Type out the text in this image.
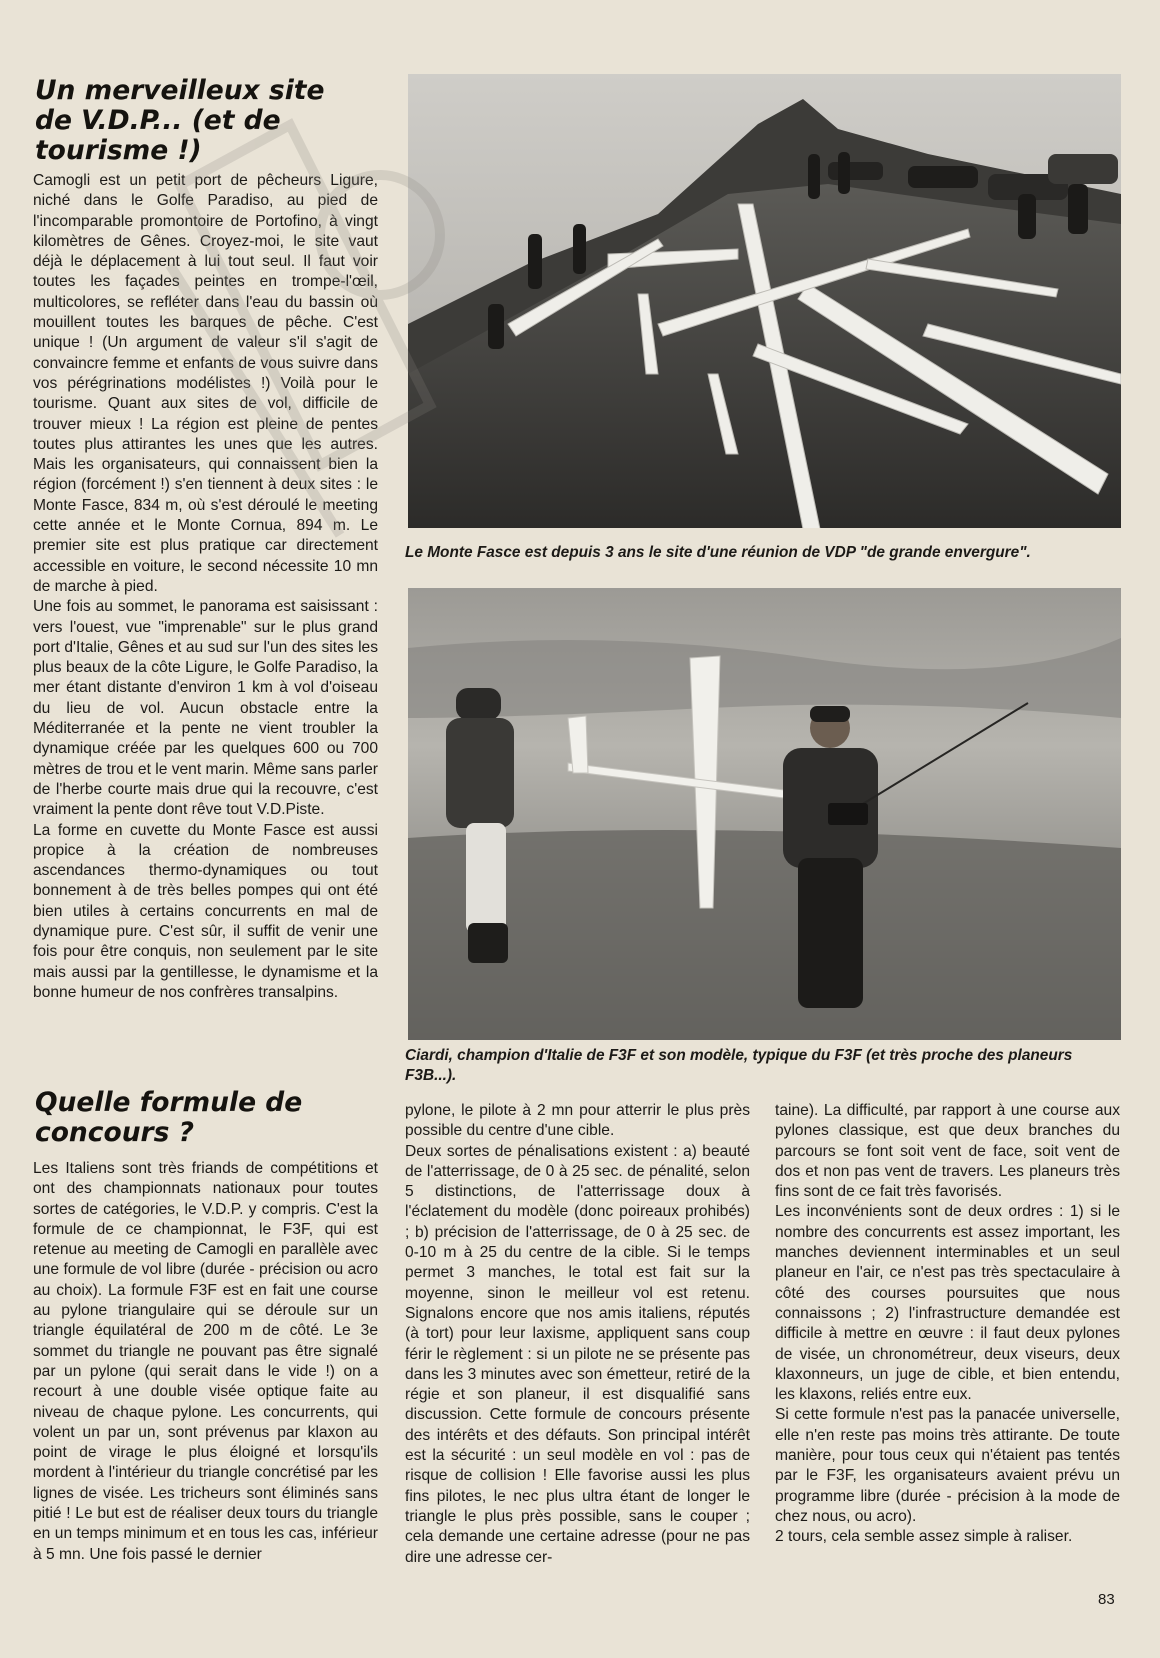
Un merveilleux site de V.D.P... (et de tourisme !)

Camogli est un petit port de pêcheurs Ligure, niché dans le Golfe Paradiso, au pied de l'incomparable promontoire de Portofino, à vingt kilomètres de Gênes. Croyez-moi, le site vaut déjà le déplacement à lui tout seul. Il faut voir toutes les façades peintes en trompe-l'œil, multicolores, se refléter dans l'eau du bassin où mouillent toutes les barques de pêche. C'est unique ! (Un argument de valeur s'il s'agit de convaincre femme et enfants de vous suivre dans vos pérégrinations modélistes !) Voilà pour le tourisme. Quant aux sites de vol, difficile de trouver mieux ! La région est pleine de pentes toutes plus attirantes les unes que les autres. Mais les organisateurs, qui connaissent bien la région (forcément !) s'en tiennent à deux sites : le Monte Fasce, 834 m, où s'est déroulé le meeting cette année et le Monte Cornua, 894 m. Le premier site est plus pratique car directement accessible en voiture, le second nécessite 10 mn de marche à pied.
Une fois au sommet, le panorama est saisissant : vers l'ouest, vue "imprenable" sur le plus grand port d'Italie, Gênes et au sud sur l'un des sites les plus beaux de la côte Ligure, le Golfe Paradiso, la mer étant distante d'environ 1 km à vol d'oiseau du lieu de vol. Aucun obstacle entre la Méditerranée et la pente ne vient troubler la dynamique créée par les quelques 600 ou 700 mètres de trou et le vent marin. Même sans parler de l'herbe courte mais drue qui la recouvre, c'est vraiment la pente dont rêve tout V.D.Piste.
La forme en cuvette du Monte Fasce est aussi propice à la création de nombreuses ascendances thermo-dynamiques ou tout bonnement à de très belles pompes qui ont été bien utiles à certains concurrents en mal de dynamique pure. C'est sûr, il suffit de venir une fois pour être conquis, non seulement par le site mais aussi par la gentillesse, le dynamisme et la bonne humeur de nos confrères transalpins.

Le Monte Fasce est depuis 3 ans le site d'une réunion de VDP "de grande envergure".

Ciardi, champion d'Italie de F3F et son modèle, typique du F3F (et très proche des planeurs F3B...).

Quelle formule de concours ?

Les Italiens sont très friands de compétitions et ont des championnats nationaux pour toutes sortes de catégories, le V.D.P. y compris. C'est la formule de ce championnat, le F3F, qui est retenue au meeting de Camogli en parallèle avec une formule de vol libre (durée - précision ou acro au choix). La formule F3F est en fait une course au pylone triangulaire qui se déroule sur un triangle équilatéral de 200 m de côté. Le 3e sommet du triangle ne pouvant pas être signalé par un pylone (qui serait dans le vide !) on a recourt à une double visée optique faite au niveau de chaque pylone. Les concurrents, qui volent un par un, sont prévenus par klaxon au point de virage le plus éloigné et lorsqu'ils mordent à l'intérieur du triangle concrétisé par les lignes de visée. Les tricheurs sont éliminés sans pitié ! Le but est de réaliser deux tours du triangle en un temps minimum et en tous les cas, inférieur à 5 mn. Une fois passé le dernier

pylone, le pilote à 2 mn pour atterrir le plus près possible du centre d'une cible.
Deux sortes de pénalisations existent : a) beauté de l'atterrissage, de 0 à 25 sec. de pénalité, selon 5 distinctions, de l'atterrissage doux à l'éclatement du modèle (donc poireaux prohibés) ; b) précision de l'atterrissage, de 0 à 25 sec. de 0-10 m à 25 du centre de la cible. Si le temps permet 3 manches, le total est fait sur la moyenne, sinon le meilleur vol est retenu. Signalons encore que nos amis italiens, réputés (à tort) pour leur laxisme, appliquent sans coup férir le règlement : si un pilote ne se présente pas dans les 3 minutes avec son émetteur, retiré de la régie et son planeur, il est disqualifié sans discussion. Cette formule de concours présente des intérêts et des défauts. Son principal intérêt est la sécurité : un seul modèle en vol : pas de risque de collision ! Elle favorise aussi les plus fins pilotes, le nec plus ultra étant de longer le triangle le plus près possible, sans le couper ; cela demande une certaine adresse (pour ne pas dire une adresse cer-

taine). La difficulté, par rapport à une course aux pylones classique, est que deux branches du parcours se font soit vent de face, soit vent de dos et non pas vent de travers. Les planeurs très fins sont de ce fait très favorisés.
Les inconvénients sont de deux ordres : 1) si le nombre des concurrents est assez important, les manches deviennent interminables et un seul planeur en l'air, ce n'est pas très spectaculaire à côté des courses poursuites que nous connaissons ; 2) l'infrastructure demandée est difficile à mettre en œuvre : il faut deux pylones de visée, un chronométreur, deux viseurs, deux klaxonneurs, un juge de cible, et bien entendu, les klaxons, reliés entre eux.
Si cette formule n'est pas la panacée universelle, elle n'en reste pas moins très attirante. De toute manière, pour tous ceux qui n'étaient pas tentés par le F3F, les organisateurs avaient prévu un programme libre (durée - précision à la mode de chez nous, ou acro).
2 tours, cela semble assez simple à raliser.

83
